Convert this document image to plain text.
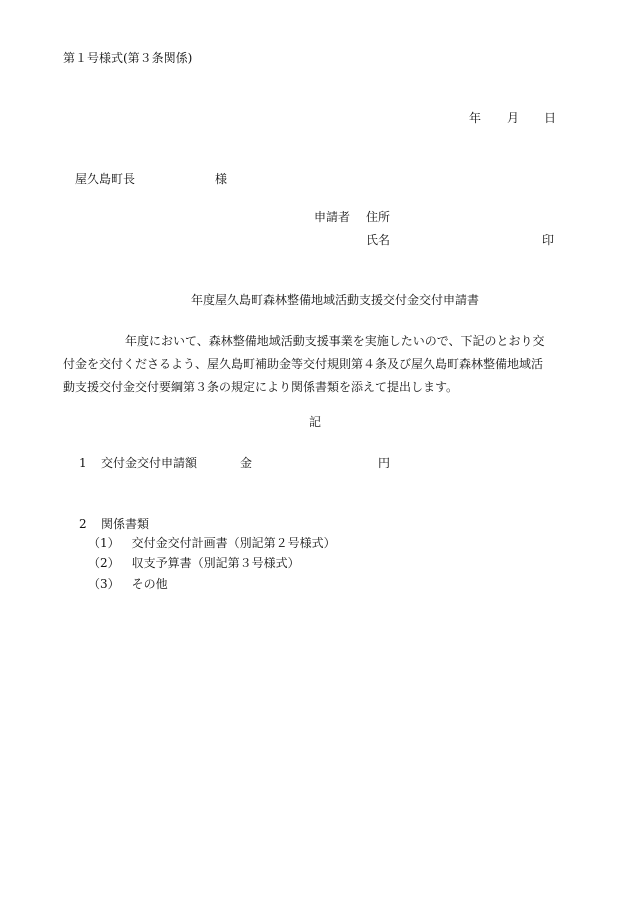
第１号様式(第３条関係)
年 月 日
屋久島町長	様
申請者 住所
氏名	印
年度屋久島町森林整備地域活動支援交付金交付申請書
年度において、森林整備地域活動支援事業を実施したいので、下記のとおり交
付金を交付くださるよう、屋久島町補助金等交付規則第４条及び屋久島町森林整備地域活
動支援交付金交付要綱第３条の規定により関係書類を添えて提出します。
記
1 交付金交付申請額	金	円
2 関係書類
（1） 交付金交付計画書（別記第２号様式）
（2） 収支予算書（別記第３号様式）
（3） その他
